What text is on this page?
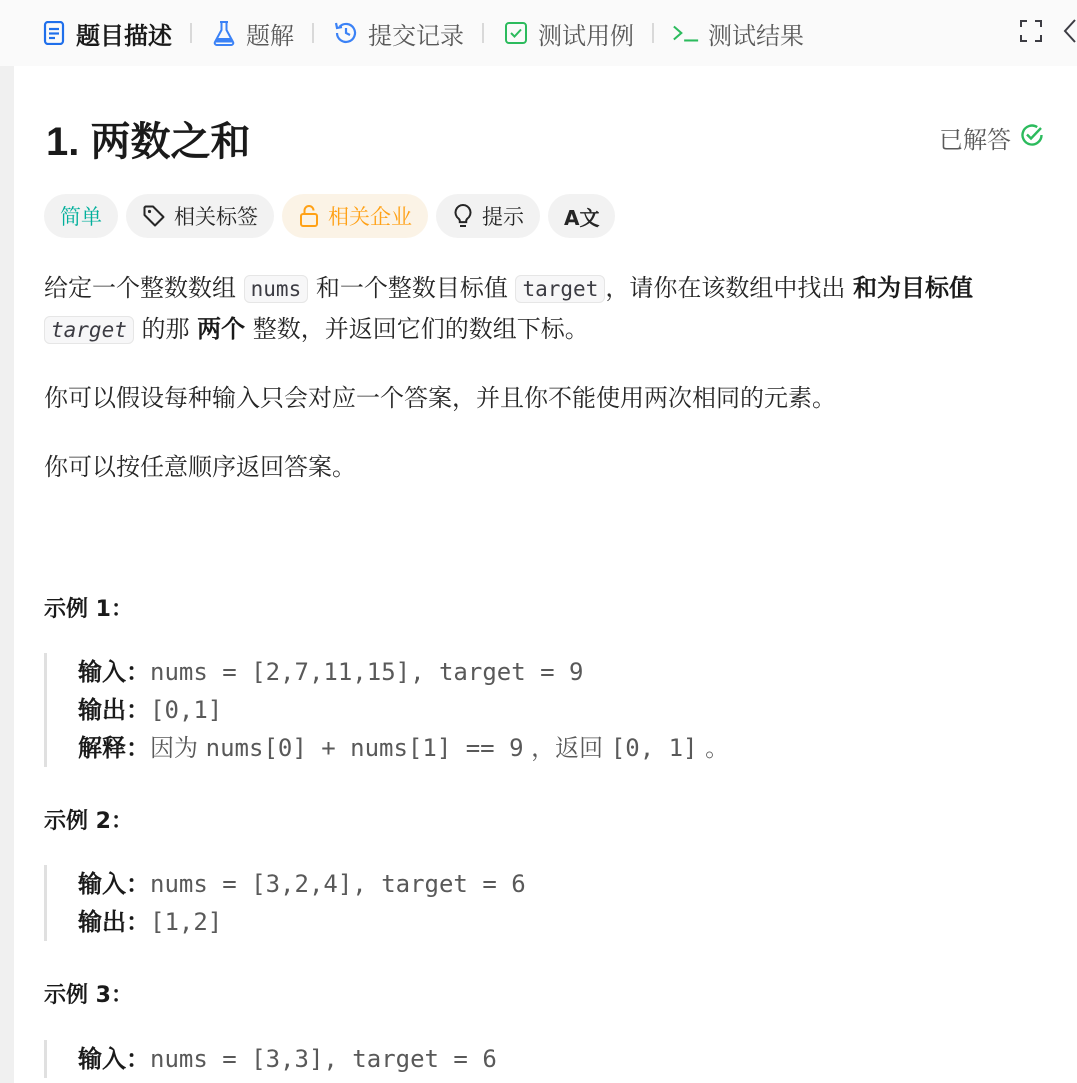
题目描述	题解	提交记录	测试用例	测试结果
1. 两数之和	已解答
简单	相关标签	相关企业	提示 A文
给定一个整数数组 nums 和一个整数目标值 target ，请你在该数组中找出 和为目标值
target 的那 两个 整数，并返回它们的数组下标。
你可以假设每种输入只会对应一个答案，并且你不能使用两次相同的元素。
你可以按任意顺序返回答案。
示例 1：
输入：nums = [2,7,11,15], target = 9
输出：[0,1]
解释：因为 nums[0] + nums[1] == 9 ，返回 [0, 1] 。
示例 2：
输入：nums = [3,2,4], target = 6
输出：[1,2]
示例 3：
输入：nums = [3,3], target = 6
